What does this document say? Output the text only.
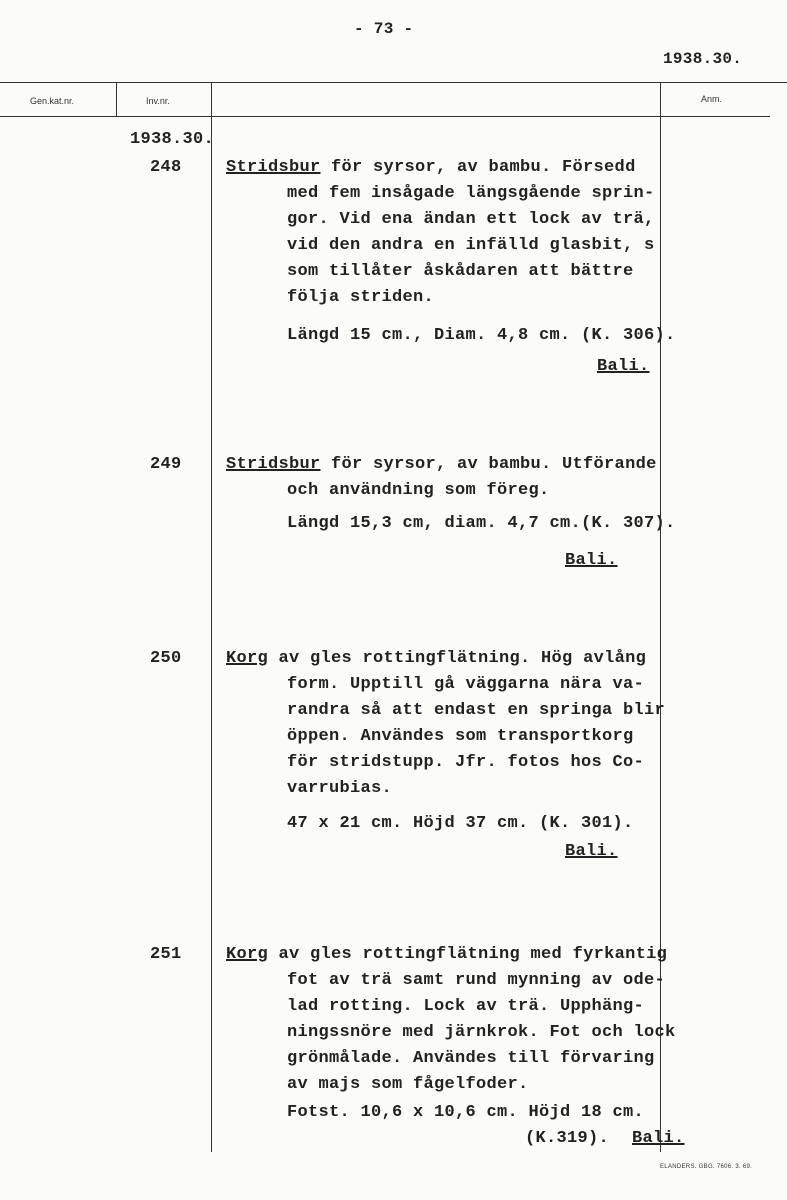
- 73 -
1938.30.
Gen.kat.nr.	Inv.nr.	Anm.
1938.30.
248	Stridsbur för syrsor, av bambu. Försedd
med fem insågade längsgående sprin-
gor. Vid ena ändan ett lock av trä,
vid den andra en infälld glasbit, s
som tillåter åskådaren att bättre
följa striden.
Längd 15 cm., Diam. 4,8 cm. (K. 306).
Bali.
249	Stridsbur för syrsor, av bambu. Utförande
och användning som föreg.
Längd 15,3 cm, diam. 4,7 cm.(K. 307).
Bali.
250	Korg av gles rottingflätning. Hög avlång
form. Upptill gå väggarna nära va-
randra så att endast en springa blir
öppen. Användes som transportkorg
för stridstupp. Jfr. fotos hos Co-
varrubias.
47 x 21 cm. Höjd 37 cm. (K. 301).
Bali.
251	Korg av gles rottingflätning med fyrkantig
fot av trä samt rund mynning av ode-
lad rotting. Lock av trä. Upphäng-
ningssnöre med järnkrok. Fot och lock
grönmålade. Användes till förvaring
av majs som fågelfoder.
Fotst. 10,6 x 10,6 cm. Höjd 18 cm.
(K.319). Bali.
ELANDERS. GBG. 7606. 3. 69.
